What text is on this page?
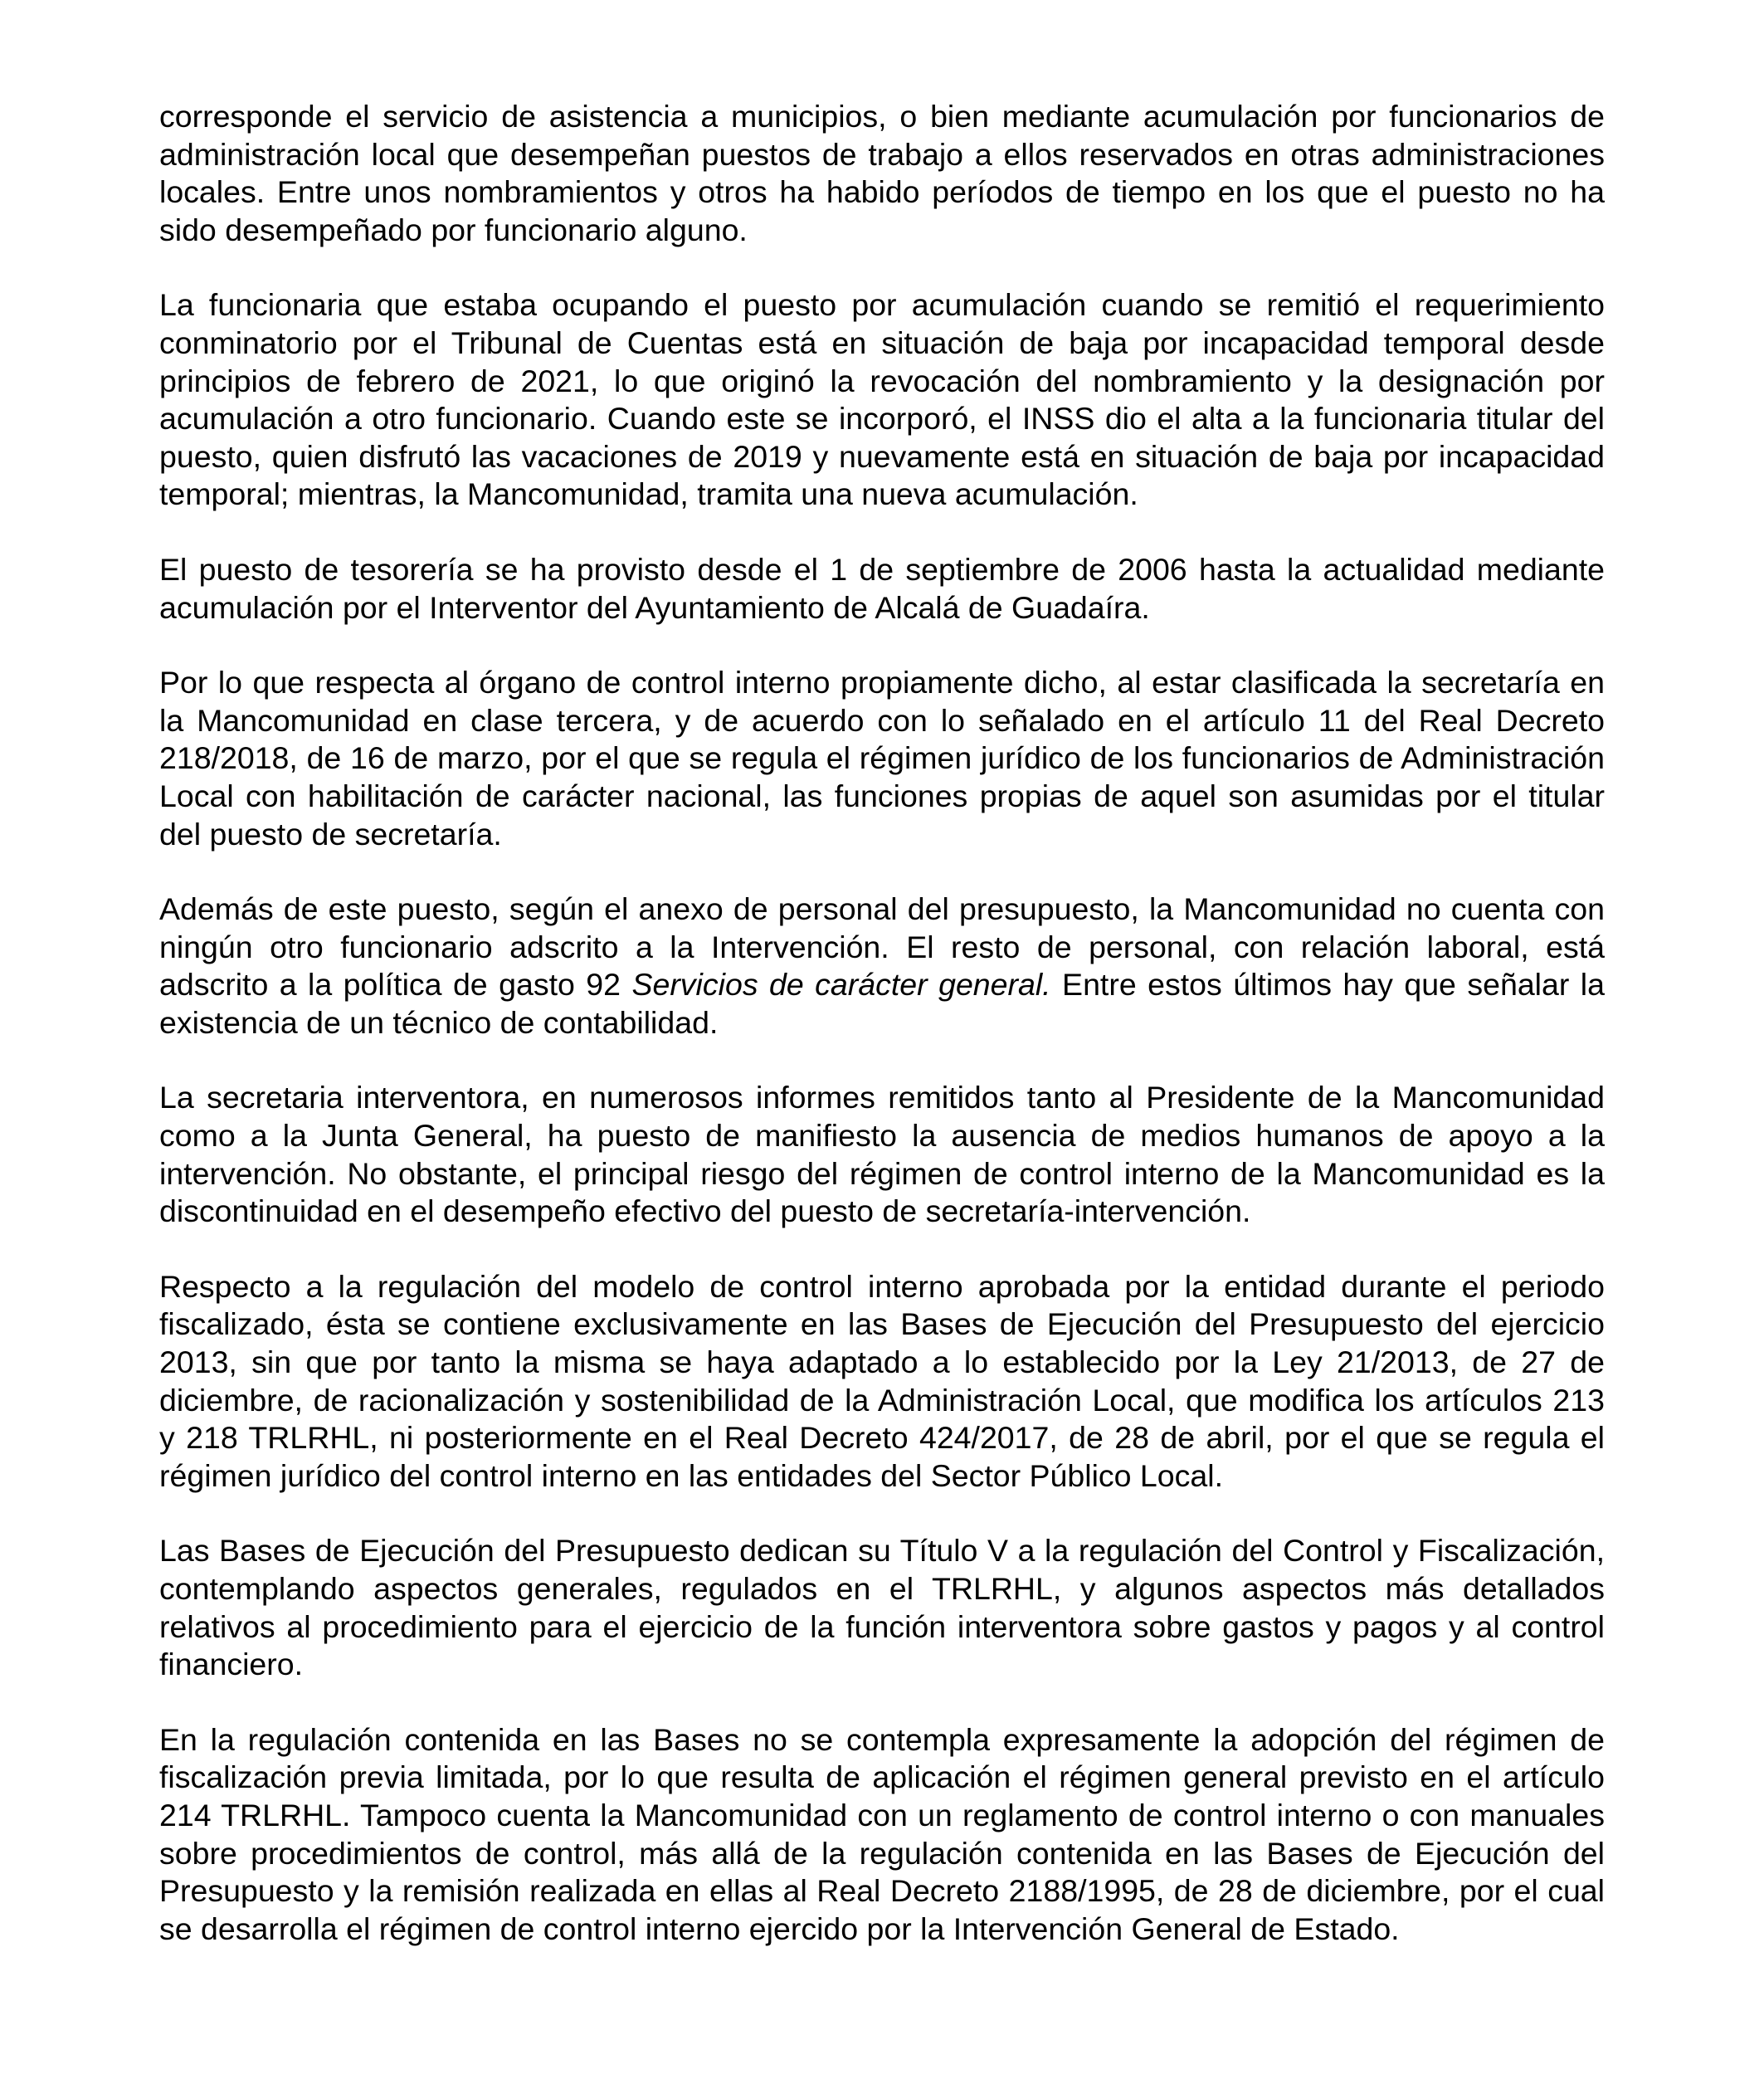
corresponde el servicio de asistencia a municipios, o bien mediante acumulación por funcionarios de administración local que desempeñan puestos de trabajo a ellos reservados en otras administraciones locales. Entre unos nombramientos y otros ha habido períodos de tiempo en los que el puesto no ha sido desempeñado por funcionario alguno.

La funcionaria que estaba ocupando el puesto por acumulación cuando se remitió el requerimiento conminatorio por el Tribunal de Cuentas está en situación de baja por incapacidad temporal desde principios de febrero de 2021, lo que originó la revocación del nombramiento y la designación por acumulación a otro funcionario. Cuando este se incorporó, el INSS dio el alta a la funcionaria titular del puesto, quien disfrutó las vacaciones de 2019 y nuevamente está en situación de baja por incapacidad temporal; mientras, la Mancomunidad, tramita una nueva acumulación.

El puesto de tesorería se ha provisto desde el 1 de septiembre de 2006 hasta la actualidad mediante acumulación por el Interventor del Ayuntamiento de Alcalá de Guadaíra.

Por lo que respecta al órgano de control interno propiamente dicho, al estar clasificada la secretaría en la Mancomunidad en clase tercera, y de acuerdo con lo señalado en el artículo 11 del Real Decreto 218/2018, de 16 de marzo, por el que se regula el régimen jurídico de los funcionarios de Administración Local con habilitación de carácter nacional, las funciones propias de aquel son asumidas por el titular del puesto de secretaría.

Además de este puesto, según el anexo de personal del presupuesto, la Mancomunidad no cuenta con ningún otro funcionario adscrito a la Intervención. El resto de personal, con relación laboral, está adscrito a la política de gasto 92 Servicios de carácter general. Entre estos últimos hay que señalar la existencia de un técnico de contabilidad.

La secretaria interventora, en numerosos informes remitidos tanto al Presidente de la Mancomunidad como a la Junta General, ha puesto de manifiesto la ausencia de medios humanos de apoyo a la intervención. No obstante, el principal riesgo del régimen de control interno de la Mancomunidad es la discontinuidad en el desempeño efectivo del puesto de secretaría-intervención.

Respecto a la regulación del modelo de control interno aprobada por la entidad durante el periodo fiscalizado, ésta se contiene exclusivamente en las Bases de Ejecución del Presupuesto del ejercicio 2013, sin que por tanto la misma se haya adaptado a lo establecido por la Ley 21/2013, de 27 de diciembre, de racionalización y sostenibilidad de la Administración Local, que modifica los artículos 213 y 218 TRLRHL, ni posteriormente en el Real Decreto 424/2017, de 28 de abril, por el que se regula el régimen jurídico del control interno en las entidades del Sector Público Local.

Las Bases de Ejecución del Presupuesto dedican su Título V a la regulación del Control y Fiscalización, contemplando aspectos generales, regulados en el TRLRHL, y algunos aspectos más detallados relativos al procedimiento para el ejercicio de la función interventora sobre gastos y pagos y al control financiero.

En la regulación contenida en las Bases no se contempla expresamente la adopción del régimen de fiscalización previa limitada, por lo que resulta de aplicación el régimen general previsto en el artículo 214 TRLRHL. Tampoco cuenta la Mancomunidad con un reglamento de control interno o con manuales sobre procedimientos de control, más allá de la regulación contenida en las Bases de Ejecución del Presupuesto y la remisión realizada en ellas al Real Decreto 2188/1995, de 28 de diciembre, por el cual se desarrolla el régimen de control interno ejercido por la Intervención General de Estado.
